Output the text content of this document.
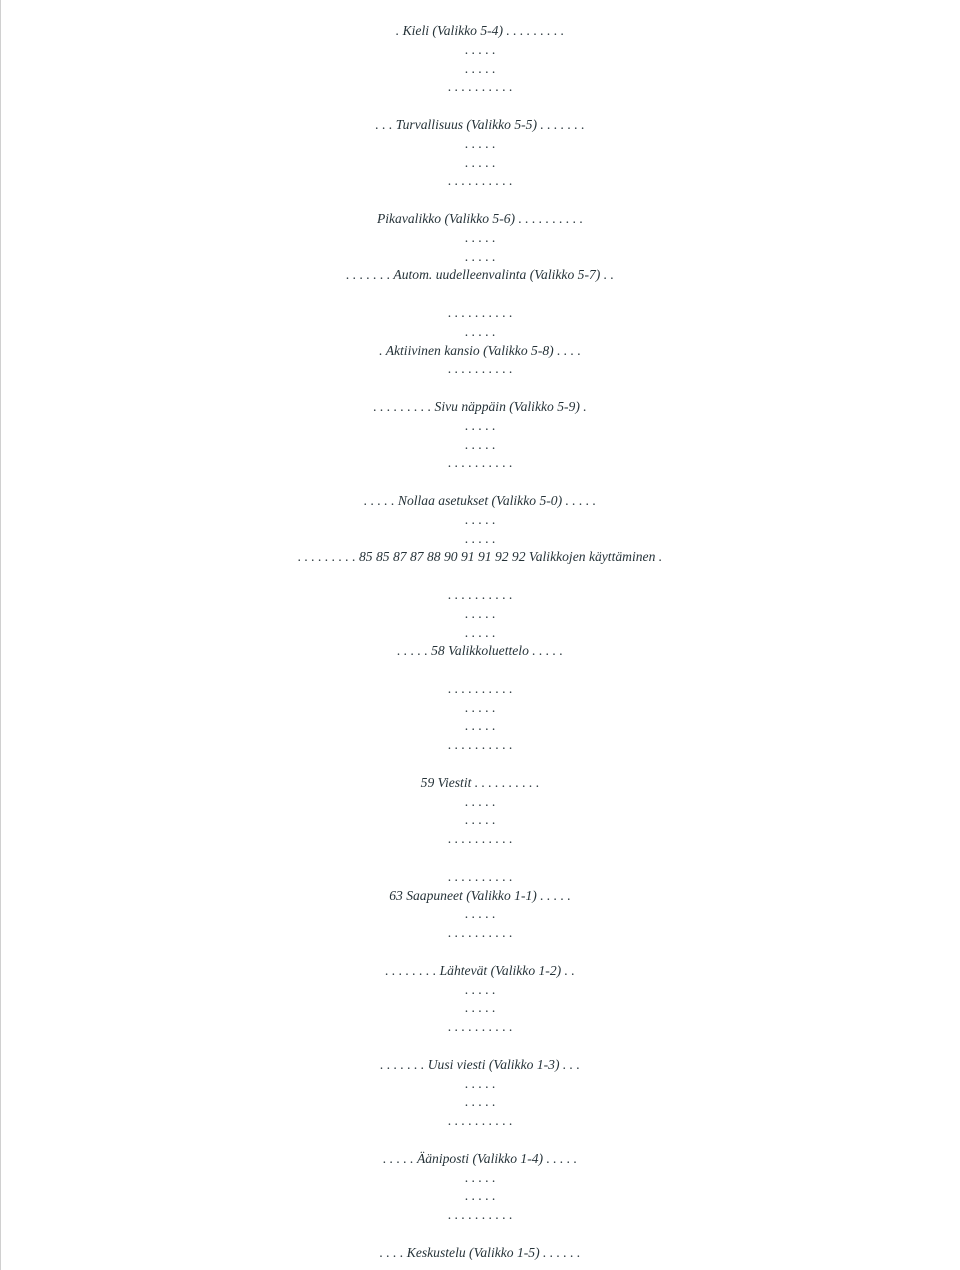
. Kieli (Valikko 5-4) . . . . . . . . .
. . . . .
. . . . .
. . . . . . . . . .
. . . Turvallisuus (Valikko 5-5) . . . . . . .
. . . . .
. . . . .
. . . . . . . . . .
Pikavalikko (Valikko 5-6) . . . . . . . . . .
. . . . .
. . . . .
. . . . . . . Autom. uudelleenvalinta (Valikko 5-7) . .
. . . . . . . . . .
. . . . .
. Aktiivinen kansio (Valikko 5-8) . . . .
. . . . . . . . . .
. . . . . . . . . Sivu näppäin (Valikko 5-9) .
. . . . .
. . . . .
. . . . . . . . . .
. . . . . Nollaa asetukset (Valikko 5-0) . . . . .
. . . . .
. . . . .
. . . . . . . . . 85 85 87 87 88 90 91 91 92 92 Valikkojen käyttäminen .
. . . . . . . . . .
. . . . .
. . . . .
. . . . . 58 Valikkoluettelo . . . . .
. . . . . . . . . .
. . . . .
. . . . .
. . . . . . . . . .
59 Viestit . . . . . . . . . .
. . . . .
. . . . .
. . . . . . . . . .
. . . . . . . . . .
63 Saapuneet (Valikko 1-1) . . . . .
. . . . .
. . . . . . . . . .
. . . . . . . . Lähtevät (Valikko 1-2) . .
. . . . .
. . . . .
. . . . . . . . . .
. . . . . . . Uusi viesti (Valikko 1-3) . . .
. . . . .
. . . . .
. . . . . . . . . .
. . . . . Ääniposti (Valikko 1-4) . . . . .
. . . . .
. . . . .
. . . . . . . . . .
. . . . Keskustelu (Valikko 1-5) . . . . . .
